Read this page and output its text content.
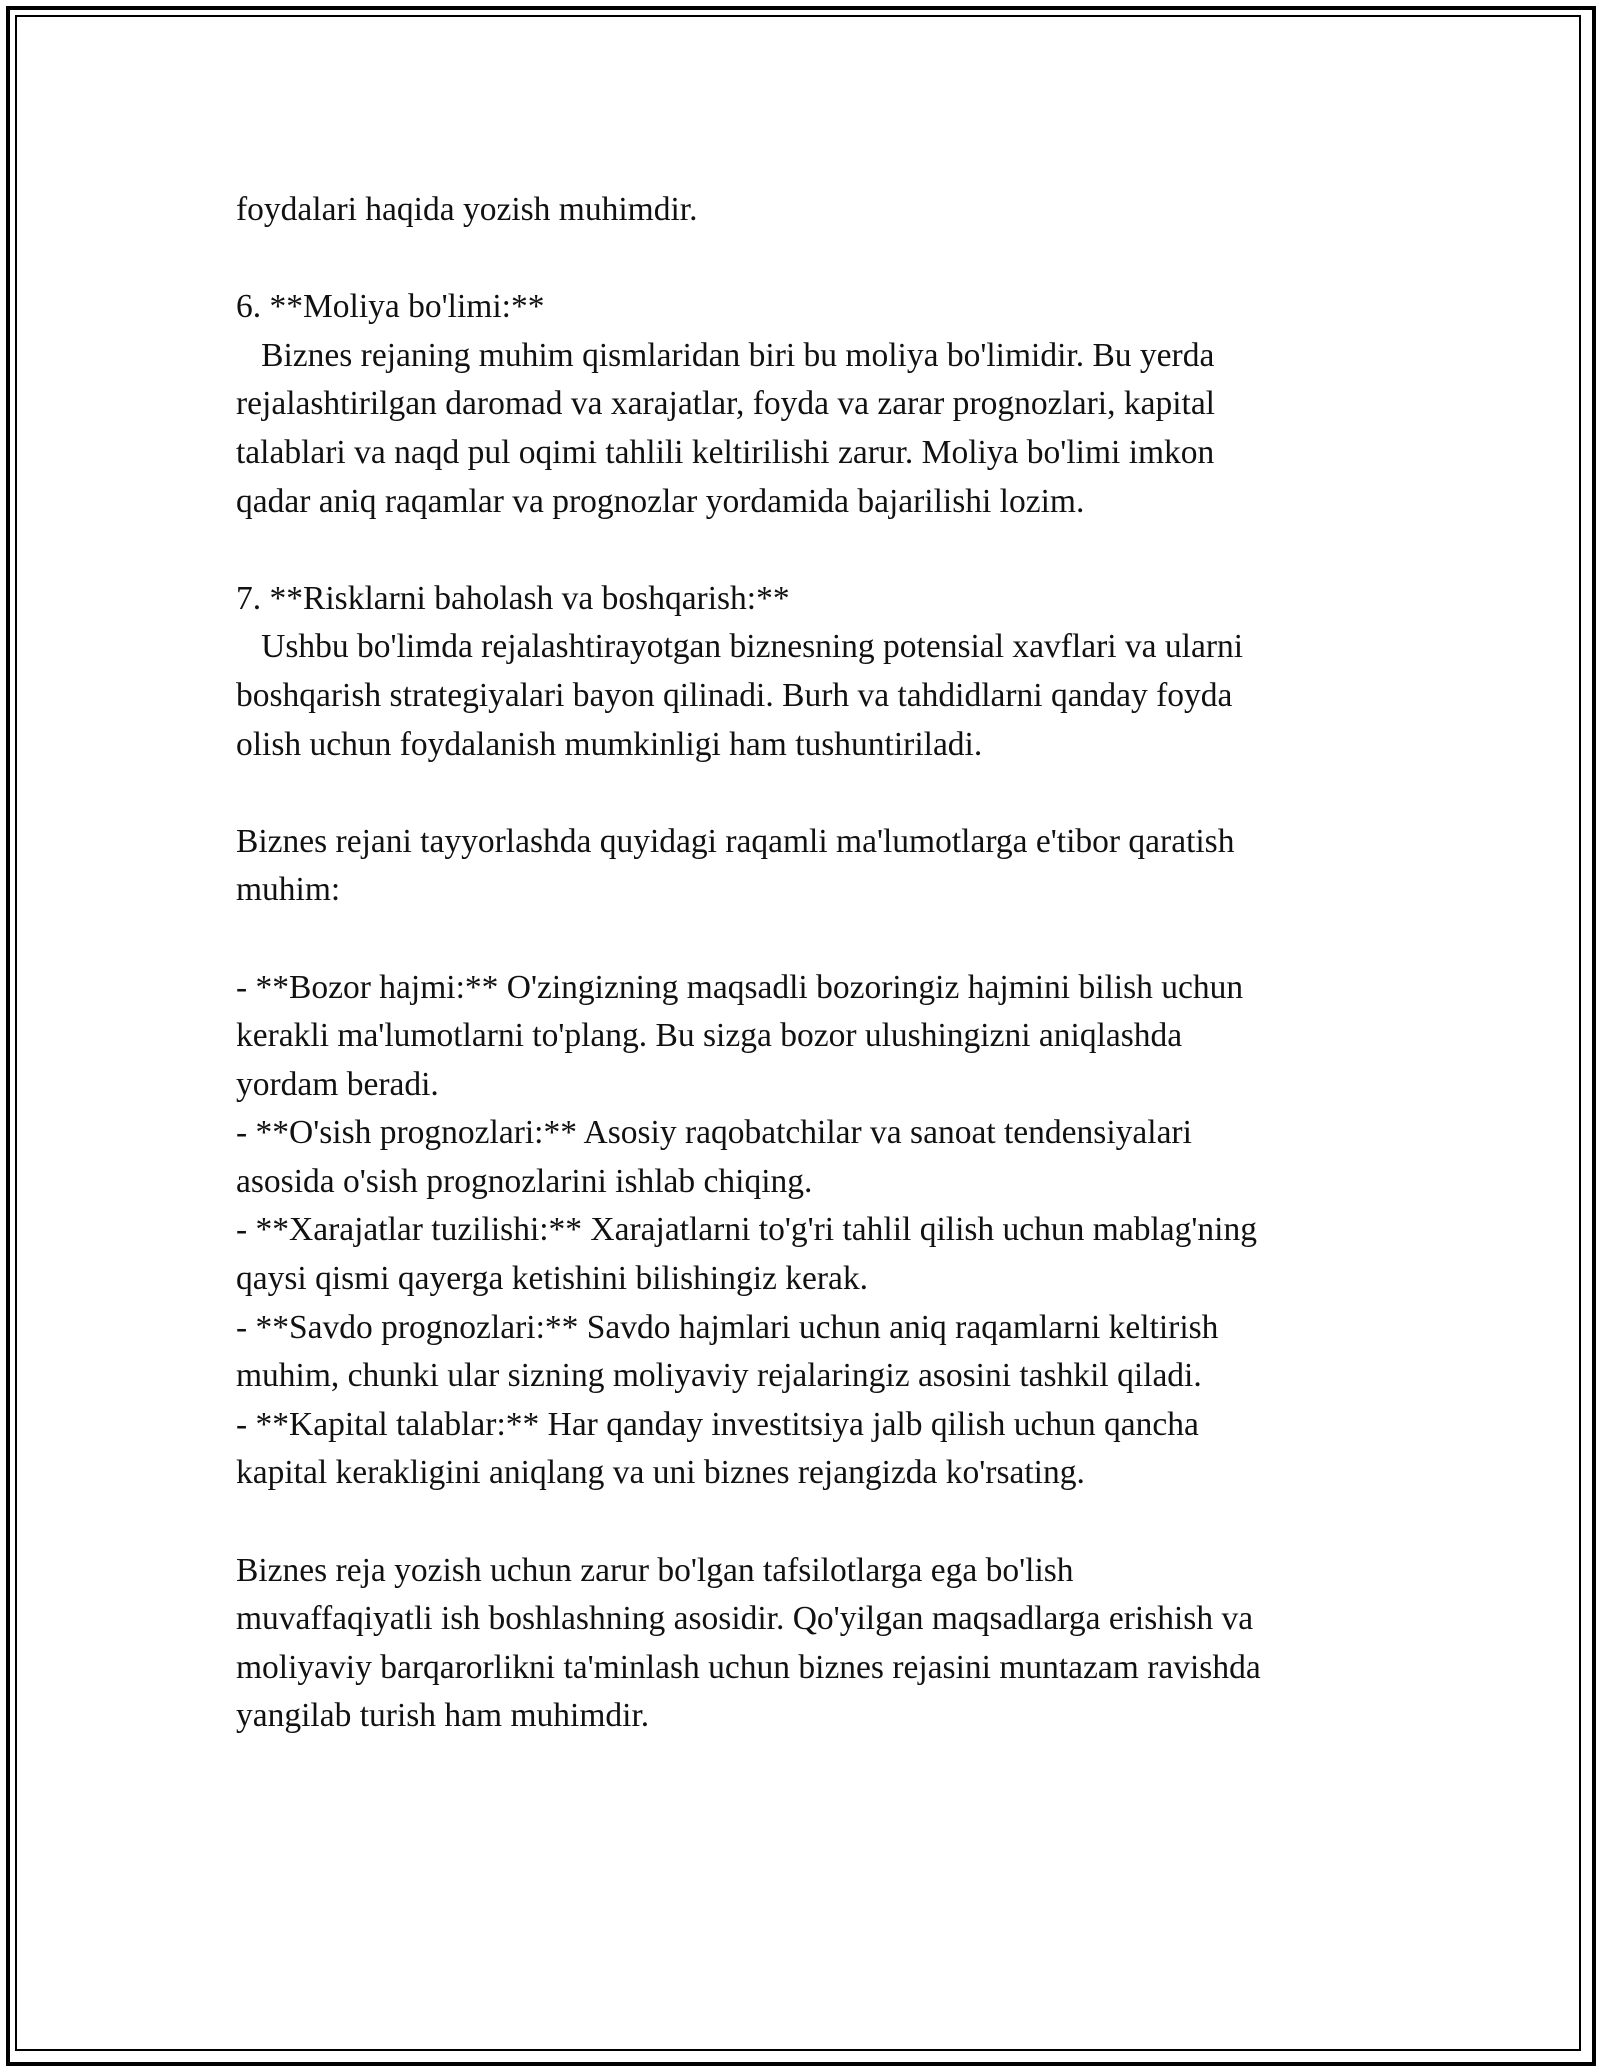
foydalari haqida yozish muhimdir.

6. **Moliya bo'limi:**

Biznes rejaning muhim qismlaridan biri bu moliya bo'limidir. Bu yerda

rejalashtirilgan daromad va xarajatlar, foyda va zarar prognozlari, kapital

talablari va naqd pul oqimi tahlili keltirilishi zarur. Moliya bo'limi imkon

qadar aniq raqamlar va prognozlar yordamida bajarilishi lozim.

7. **Risklarni baholash va boshqarish:**

Ushbu bo'limda rejalashtirayotgan biznesning potensial xavflari va ularni

boshqarish strategiyalari bayon qilinadi. Burh va tahdidlarni qanday foyda

olish uchun foydalanish mumkinligi ham tushuntiriladi.

Biznes rejani tayyorlashda quyidagi raqamli ma'lumotlarga e'tibor qaratish

muhim:

- **Bozor hajmi:** O'zingizning maqsadli bozoringiz hajmini bilish uchun

kerakli ma'lumotlarni to'plang. Bu sizga bozor ulushingizni aniqlashda

yordam beradi.

- **O'sish prognozlari:** Asosiy raqobatchilar va sanoat tendensiyalari

asosida o'sish prognozlarini ishlab chiqing.

- **Xarajatlar tuzilishi:** Xarajatlarni to'g'ri tahlil qilish uchun mablag'ning

qaysi qismi qayerga ketishini bilishingiz kerak.

- **Savdo prognozlari:** Savdo hajmlari uchun aniq raqamlarni keltirish

muhim, chunki ular sizning moliyaviy rejalaringiz asosini tashkil qiladi.

- **Kapital talablar:** Har qanday investitsiya jalb qilish uchun qancha

kapital kerakligini aniqlang va uni biznes rejangizda ko'rsating.

Biznes reja yozish uchun zarur bo'lgan tafsilotlarga ega bo'lish

muvaffaqiyatli ish boshlashning asosidir. Qo'yilgan maqsadlarga erishish va

moliyaviy barqarorlikni ta'minlash uchun biznes rejasini muntazam ravishda

yangilab turish ham muhimdir.
